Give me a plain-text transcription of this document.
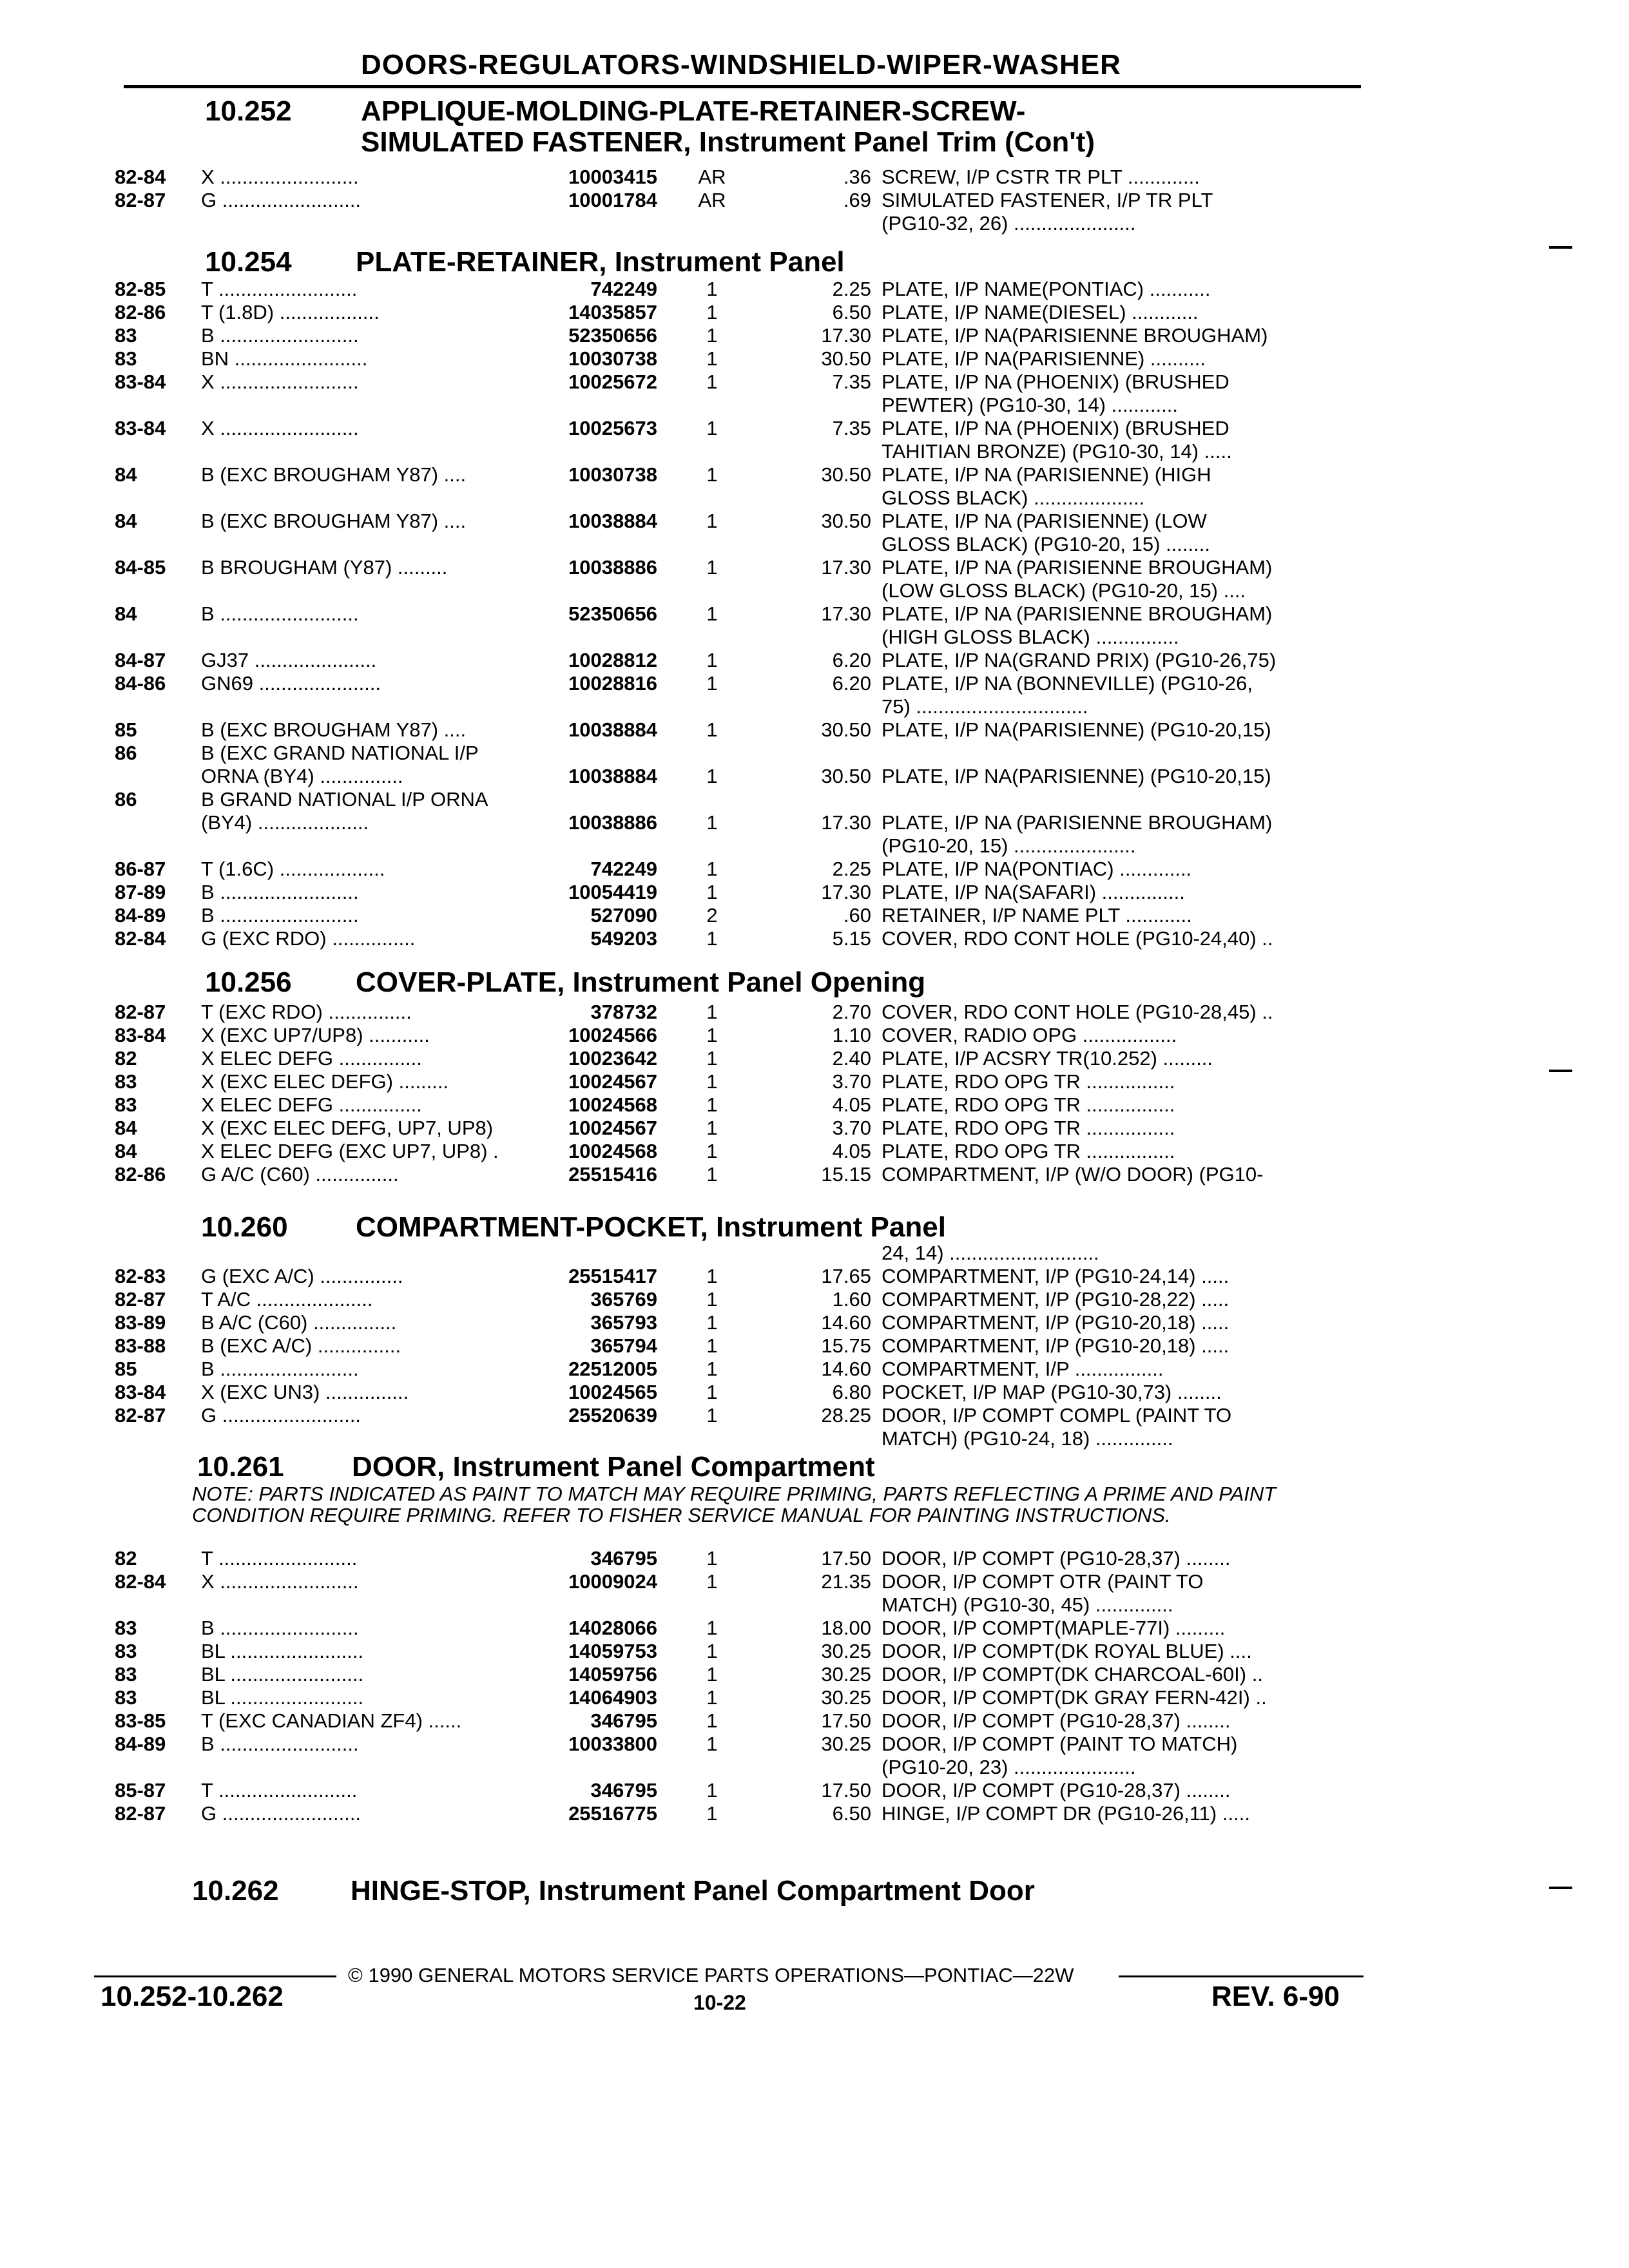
DOORS-REGULATORS-WINDSHIELD-WIPER-WASHER
10.252 APPLIQUE-MOLDING-PLATE-RETAINER-SCREW-
SIMULATED FASTENER, Instrument Panel Trim (Con't)
10.254 PLATE-RETAINER, Instrument Panel
10.256 COVER-PLATE, Instrument Panel Opening
10.260 COMPARTMENT-POCKET, Instrument Panel
10.261 DOOR, Instrument Panel Compartment
NOTE: PARTS INDICATED AS PAINT TO MATCH MAY REQUIRE PRIMING, PARTS REFLECTING A PRIME AND PAINT CONDITION REQUIRE PRIMING. REFER TO FISHER SERVICE MANUAL FOR PAINTING INSTRUCTIONS.
10.262	HINGE-STOP, Instrument Panel Compartment Door
82-84 X .........................	10003415	AR	.36 SCREW, I/P CSTR TR PLT .............
82-87 G .........................	10001784	AR	.69 SIMULATED FASTENER, I/P TR PLT
(PG10-32, 26) ......................
82-85 T .........................	742249	1	2.25 PLATE, I/P NAME(PONTIAC) ...........
82-86 T (1.8D) ..................	14035857	1	6.50 PLATE, I/P NAME(DIESEL) ............
83	B .........................	52350656	1	17.30 PLATE, I/P NA(PARISIENNE BROUGHAM)
83	BN ........................	10030738	1	30.50 PLATE, I/P NA(PARISIENNE) ..........
83-84 X .........................	10025672	1	7.35 PLATE, I/P NA (PHOENIX) (BRUSHED
PEWTER) (PG10-30, 14) ............
83-84 X .........................	10025673	1	7.35 PLATE, I/P NA (PHOENIX) (BRUSHED
TAHITIAN BRONZE) (PG10-30, 14) .....
84	B (EXC BROUGHAM Y87) ....	10030738	1	30.50 PLATE, I/P NA (PARISIENNE) (HIGH
GLOSS BLACK) ....................
84	B (EXC BROUGHAM Y87) ....	10038884	1	30.50 PLATE, I/P NA (PARISIENNE) (LOW
GLOSS BLACK) (PG10-20, 15) ........
84-85 B BROUGHAM (Y87) .........	10038886	1	17.30 PLATE, I/P NA (PARISIENNE BROUGHAM)
(LOW GLOSS BLACK) (PG10-20, 15) ....
84	B .........................	52350656	1	17.30 PLATE, I/P NA (PARISIENNE BROUGHAM)
(HIGH GLOSS BLACK) ...............
84-87 GJ37 ......................	10028812	1	6.20 PLATE, I/P NA(GRAND PRIX) (PG10-26,75)
84-86 GN69 ......................	10028816	1	6.20 PLATE, I/P NA (BONNEVILLE) (PG10-26,
75) ...............................
85	B (EXC BROUGHAM Y87) ....	10038884	1	30.50 PLATE, I/P NA(PARISIENNE) (PG10-20,15)
86	B (EXC GRAND NATIONAL I/P
ORNA (BY4) ...............	10038884	1	30.50 PLATE, I/P NA(PARISIENNE) (PG10-20,15)
86	B GRAND NATIONAL I/P ORNA
(BY4) ....................	10038886	1	17.30 PLATE, I/P NA (PARISIENNE BROUGHAM)
(PG10-20, 15) ......................
86-87 T (1.6C) ...................	742249	1	2.25 PLATE, I/P NA(PONTIAC) .............
87-89 B .........................	10054419	1	17.30 PLATE, I/P NA(SAFARI) ...............
84-89 B .........................	527090	2	.60 RETAINER, I/P NAME PLT ............
82-84 G (EXC RDO) ...............	549203	1	5.15 COVER, RDO CONT HOLE (PG10-24,40) ..
82-87 T (EXC RDO) ...............	378732	1	2.70 COVER, RDO CONT HOLE (PG10-28,45) ..
83-84 X (EXC UP7/UP8) ...........	10024566	1	1.10 COVER, RADIO OPG .................
82	X ELEC DEFG ...............	10023642	1	2.40 PLATE, I/P ACSRY TR(10.252) .........
83	X (EXC ELEC DEFG) .........	10024567	1	3.70 PLATE, RDO OPG TR ................
83	X ELEC DEFG ...............	10024568	1	4.05 PLATE, RDO OPG TR ................
84	X (EXC ELEC DEFG, UP7, UP8)	10024567	1	3.70 PLATE, RDO OPG TR ................
84	X ELEC DEFG (EXC UP7, UP8) .	10024568	1	4.05 PLATE, RDO OPG TR ................
82-86 G A/C (C60) ...............	25515416	1	15.15 COMPARTMENT, I/P (W/O DOOR) (PG10-
24, 14) ...........................
82-83 G (EXC A/C) ...............	25515417	1	17.65 COMPARTMENT, I/P (PG10-24,14) .....
82-87 T A/C .....................	365769	1	1.60 COMPARTMENT, I/P (PG10-28,22) .....
83-89 B A/C (C60) ...............	365793	1	14.60 COMPARTMENT, I/P (PG10-20,18) .....
83-88 B (EXC A/C) ...............	365794	1	15.75 COMPARTMENT, I/P (PG10-20,18) .....
85	B .........................	22512005	1	14.60 COMPARTMENT, I/P ................
83-84 X (EXC UN3) ...............	10024565	1	6.80 POCKET, I/P MAP (PG10-30,73) ........
82-87 G .........................	25520639	1	28.25 DOOR, I/P COMPT COMPL (PAINT TO
MATCH) (PG10-24, 18) ..............
82	T .........................	346795	1	17.50 DOOR, I/P COMPT (PG10-28,37) ........
82-84 X .........................	10009024	1	21.35 DOOR, I/P COMPT OTR (PAINT TO
MATCH) (PG10-30, 45) ..............
83	B .........................	14028066	1	18.00 DOOR, I/P COMPT(MAPLE-77I) .........
83	BL ........................	14059753	1	30.25 DOOR, I/P COMPT(DK ROYAL BLUE) ....
83	BL ........................	14059756	1	30.25 DOOR, I/P COMPT(DK CHARCOAL-60I) ..
83	BL ........................	14064903	1	30.25 DOOR, I/P COMPT(DK GRAY FERN-42I) ..
83-85 T (EXC CANADIAN ZF4) ......	346795	1	17.50 DOOR, I/P COMPT (PG10-28,37) ........
84-89 B .........................	10033800	1	30.25 DOOR, I/P COMPT (PAINT TO MATCH)
(PG10-20, 23) ......................
85-87 T .........................	346795	1	17.50 DOOR, I/P COMPT (PG10-28,37) ........
82-87 G .........................	25516775	1	6.50 HINGE, I/P COMPT DR (PG10-26,11) .....
© 1990 GENERAL MOTORS SERVICE PARTS OPERATIONS—PONTIAC—22W
10.252-10.262	10-22	REV. 6-90
